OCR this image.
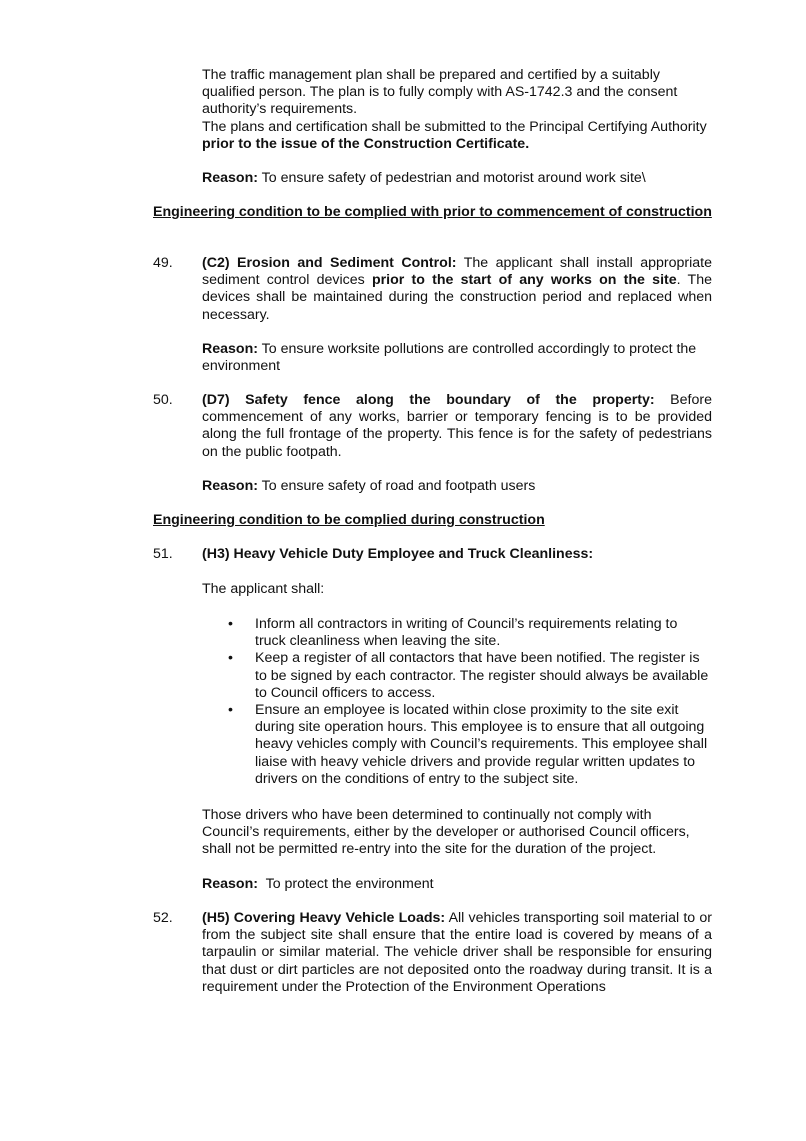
The traffic management plan shall be prepared and certified by a suitably qualified person. The plan is to fully comply with AS-1742.3 and the consent authority’s requirements.
The plans and certification shall be submitted to the Principal Certifying Authority prior to the issue of the Construction Certificate.
Reason: To ensure safety of pedestrian and motorist around work site\
Engineering condition to be complied with prior to commencement of construction
49. (C2) Erosion and Sediment Control: The applicant shall install appropriate sediment control devices prior to the start of any works on the site. The devices shall be maintained during the construction period and replaced when necessary.
Reason: To ensure worksite pollutions are controlled accordingly to protect the environment
50. (D7) Safety fence along the boundary of the property: Before commencement of any works, barrier or temporary fencing is to be provided along the full frontage of the property. This fence is for the safety of pedestrians on the public footpath.
Reason: To ensure safety of road and footpath users
Engineering condition to be complied during construction
51. (H3) Heavy Vehicle Duty Employee and Truck Cleanliness:
The applicant shall:
• Inform all contractors in writing of Council’s requirements relating to truck cleanliness when leaving the site.
• Keep a register of all contactors that have been notified. The register is to be signed by each contractor. The register should always be available to Council officers to access.
• Ensure an employee is located within close proximity to the site exit during site operation hours. This employee is to ensure that all outgoing heavy vehicles comply with Council’s requirements. This employee shall liaise with heavy vehicle drivers and provide regular written updates to drivers on the conditions of entry to the subject site.
Those drivers who have been determined to continually not comply with Council’s requirements, either by the developer or authorised Council officers, shall not be permitted re-entry into the site for the duration of the project.
Reason:  To protect the environment
52. (H5) Covering Heavy Vehicle Loads: All vehicles transporting soil material to or from the subject site shall ensure that the entire load is covered by means of a tarpaulin or similar material. The vehicle driver shall be responsible for ensuring that dust or dirt particles are not deposited onto the roadway during transit. It is a requirement under the Protection of the Environment Operations
